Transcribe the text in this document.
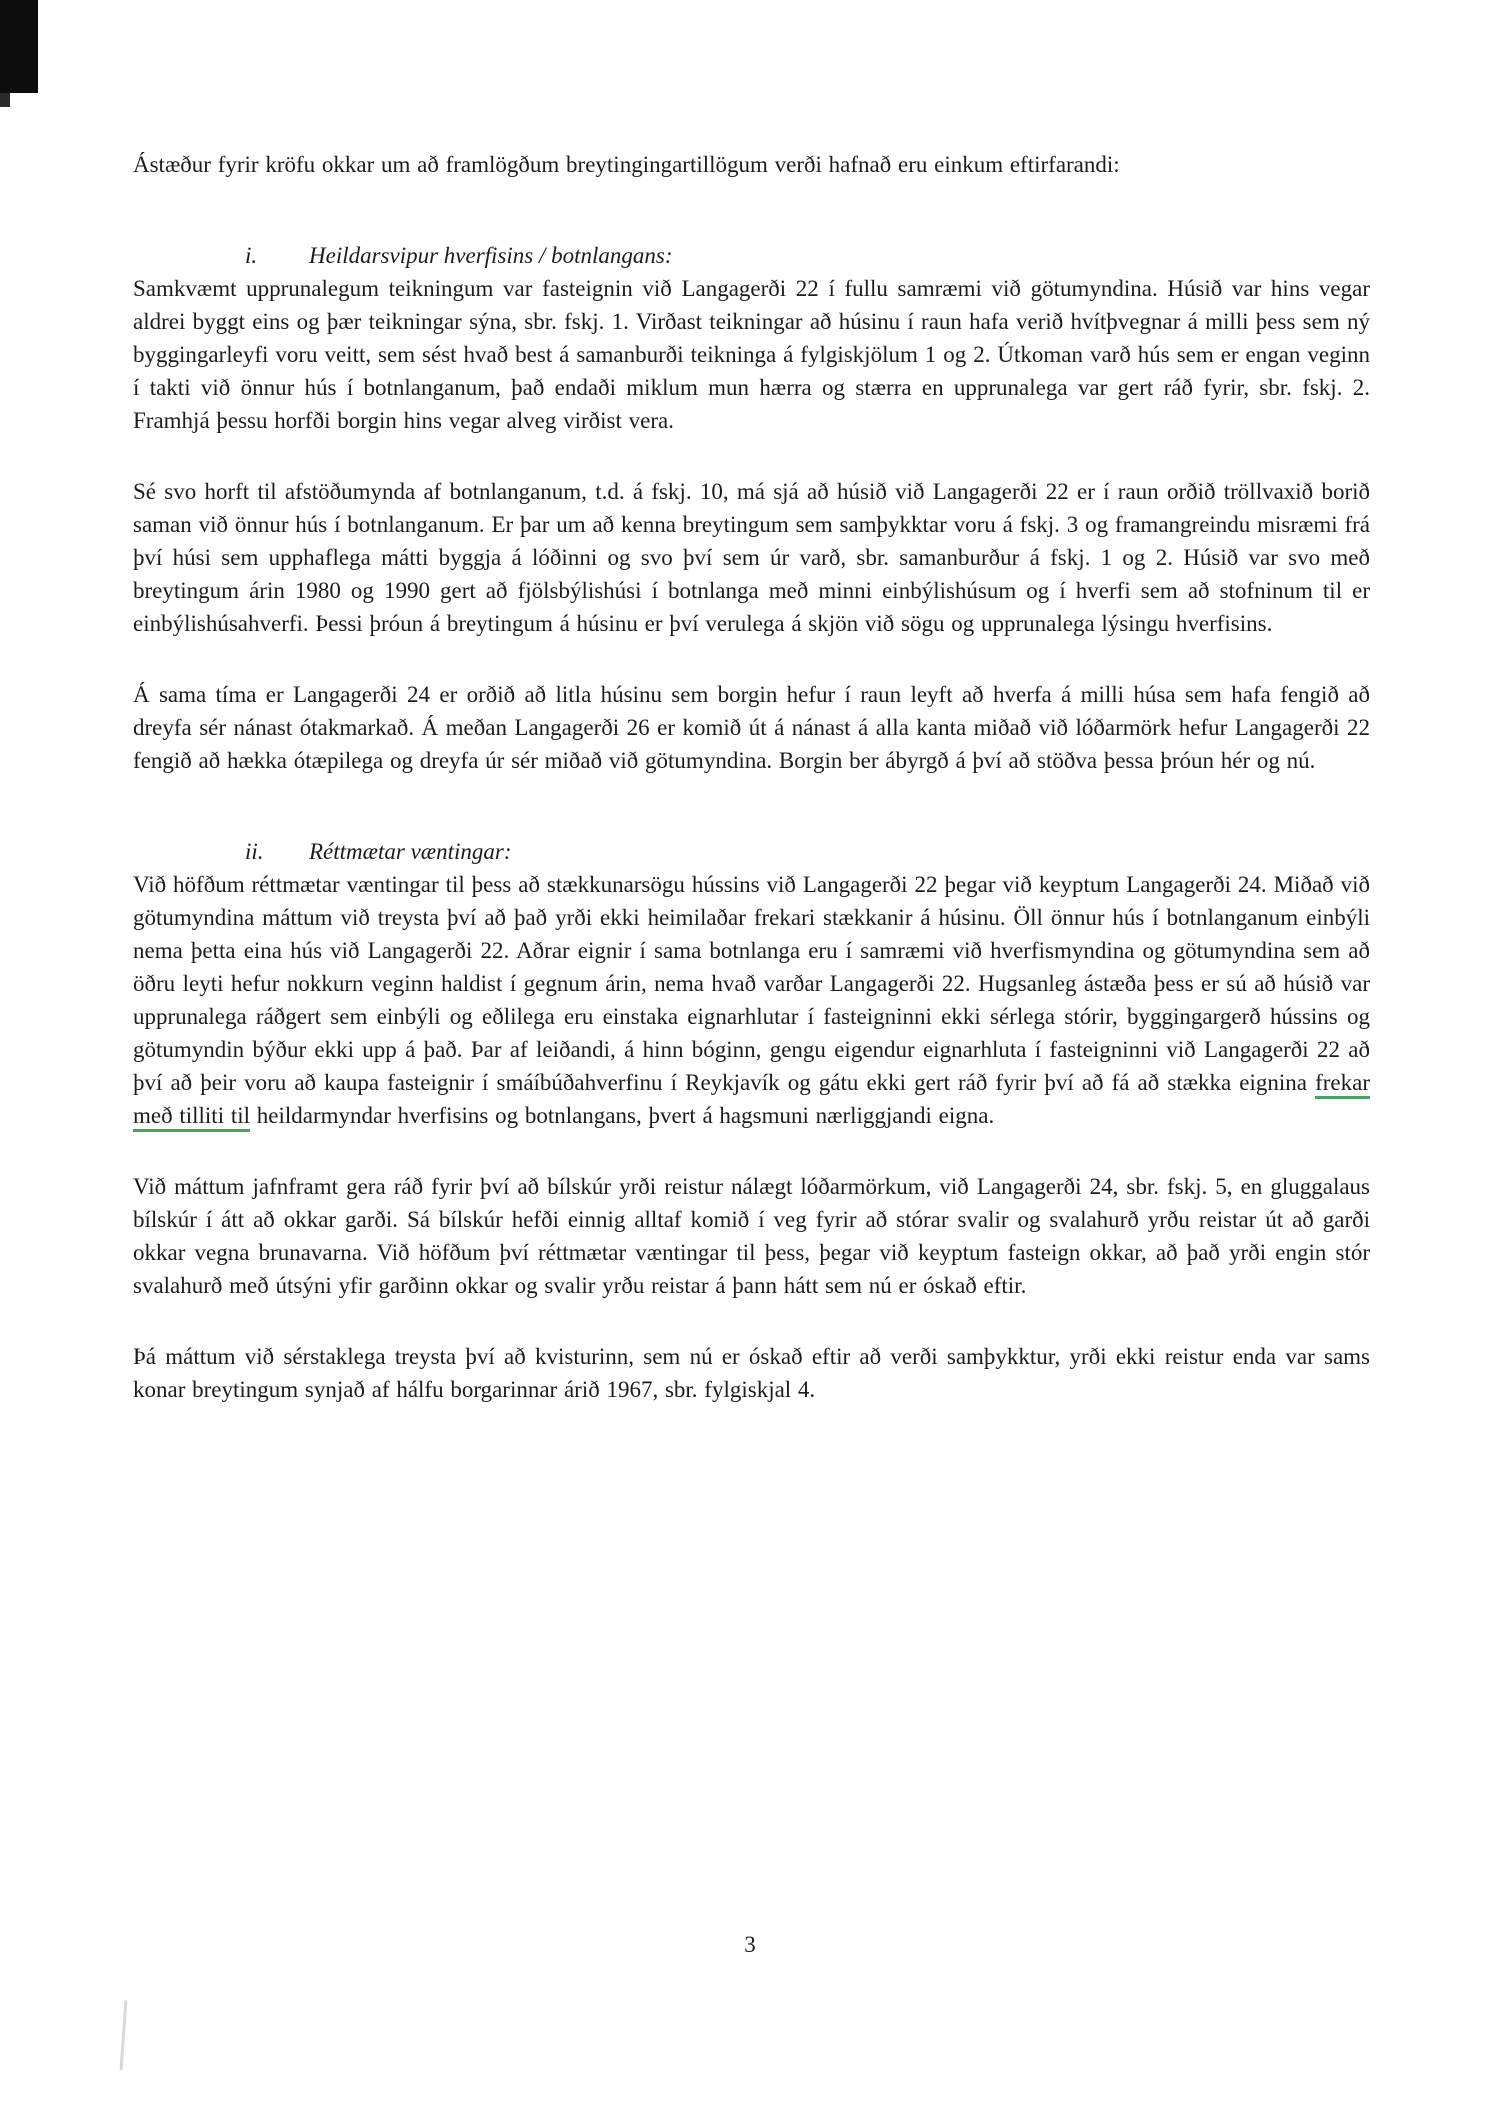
Ástæður fyrir kröfu okkar um að framlögðum breytingingartillögum verði hafnað eru einkum eftirfarandi:

i. Heildarsvipur hverfisins / botnlangans:

Samkvæmt upprunalegum teikningum var fasteignin við Langagerði 22 í fullu samræmi við götumyndina. Húsið var hins vegar aldrei byggt eins og þær teikningar sýna, sbr. fskj. 1. Virðast teikningar að húsinu í raun hafa verið hvítþvegnar á milli þess sem ný byggingarleyfi voru veitt, sem sést hvað best á samanburði teikninga á fylgiskjölum 1 og 2. Útkoman varð hús sem er engan veginn í takti við önnur hús í botnlanganum, það endaði miklum mun hærra og stærra en upprunalega var gert ráð fyrir, sbr. fskj. 2. Framhjá þessu horfði borgin hins vegar alveg virðist vera.

Sé svo horft til afstöðumynda af botnlanganum, t.d. á fskj. 10, má sjá að húsið við Langagerði 22 er í raun orðið tröllvaxið borið saman við önnur hús í botnlanganum. Er þar um að kenna breytingum sem samþykktar voru á fskj. 3 og framangreindu misræmi frá því húsi sem upphaflega mátti byggja á lóðinni og svo því sem úr varð, sbr. samanburður á fskj. 1 og 2. Húsið var svo með breytingum árin 1980 og 1990 gert að fjölsbýlishúsi í botnlanga með minni einbýlishúsum og í hverfi sem að stofninum til er einbýlishúsahverfi. Þessi þróun á breytingum á húsinu er því verulega á skjön við sögu og upprunalega lýsingu hverfisins.

Á sama tíma er Langagerði 24 er orðið að litla húsinu sem borgin hefur í raun leyft að hverfa á milli húsa sem hafa fengið að dreyfa sér nánast ótakmarkað. Á meðan Langagerði 26 er komið út á nánast á alla kanta miðað við lóðarmörk hefur Langagerði 22 fengið að hækka ótæpilega og dreyfa úr sér miðað við götumyndina. Borgin ber ábyrgð á því að stöðva þessa þróun hér og nú.

ii. Réttmætar væntingar:

Við höfðum réttmætar væntingar til þess að stækkunarsögu hússins við Langagerði 22 þegar við keyptum Langagerði 24. Miðað við götumyndina máttum við treysta því að það yrði ekki heimilaðar frekari stækkanir á húsinu. Öll önnur hús í botnlanganum einbýli nema þetta eina hús við Langagerði 22. Aðrar eignir í sama botnlanga eru í samræmi við hverfismyndina og götumyndina sem að öðru leyti hefur nokkurn veginn haldist í gegnum árin, nema hvað varðar Langagerði 22. Hugsanleg ástæða þess er sú að húsið var upprunalega ráðgert sem einbýli og eðlilega eru einstaka eignarhlutar í fasteigninni ekki sérlega stórir, byggingargerð hússins og götumyndin býður ekki upp á það. Þar af leiðandi, á hinn bóginn, gengu eigendur eignarhluta í fasteigninni við Langagerði 22 að því að þeir voru að kaupa fasteignir í smáíbúðahverfinu í Reykjavík og gátu ekki gert ráð fyrir því að fá að stækka eignina frekar með tilliti til heildarmyndar hverfisins og botnlangans, þvert á hagsmuni nærliggjandi eigna.

Við máttum jafnframt gera ráð fyrir því að bílskúr yrði reistur nálægt lóðarmörkum, við Langagerði 24, sbr. fskj. 5, en gluggalaus bílskúr í átt að okkar garði. Sá bílskúr hefði einnig alltaf komið í veg fyrir að stórar svalir og svalahurð yrðu reistar út að garði okkar vegna brunavarna. Við höfðum því réttmætar væntingar til þess, þegar við keyptum fasteign okkar, að það yrði engin stór svalahurð með útsýni yfir garðinn okkar og svalir yrðu reistar á þann hátt sem nú er óskað eftir.

Þá máttum við sérstaklega treysta því að kvisturinn, sem nú er óskað eftir að verði samþykktur, yrði ekki reistur enda var sams konar breytingum synjað af hálfu borgarinnar árið 1967, sbr. fylgiskjal 4.

3
